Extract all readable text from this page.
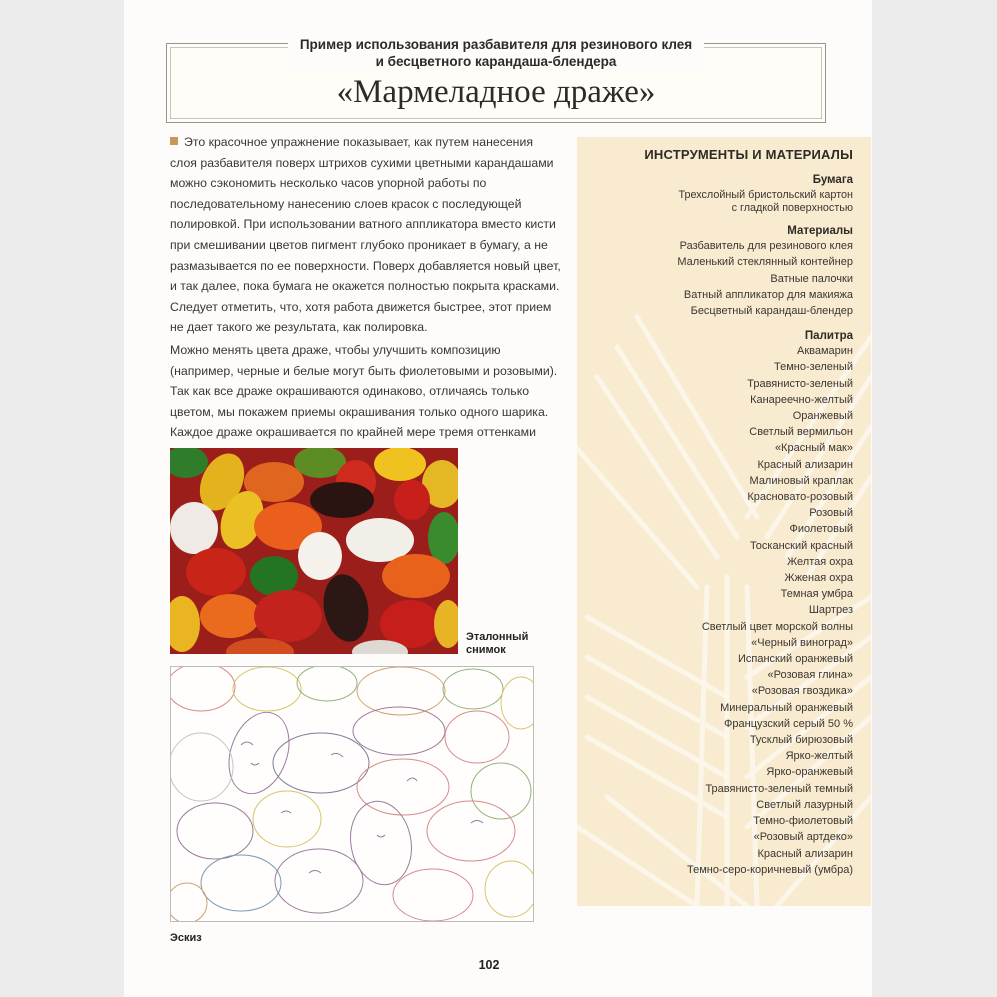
Пример использования разбавителя для резинового клея
и бесцветного карандаша-блендера
«Мармеладное драже»

Это красочное упражнение показывает, как путем нанесения слоя разбавителя поверх штрихов сухими цветными карандашами можно сэкономить несколько часов упорной работы по последовательному нанесению слоев красок с последующей полировкой. При использовании ватного аппликатора вместо кисти при смешивании цветов пигмент глубоко проникает в бумагу, а не размазывается по ее поверхности. Поверх добавляется новый цвет, и так далее, пока бумага не окажется полностью покрыта красками. Следует отметить, что, хотя работа движется быстрее, этот прием не дает такого же результата, как полировка.

Можно менять цвета драже, чтобы улучшить композицию (например, черные и белые могут быть фиолетовыми и розовыми). Так как все драже окрашиваются одинаково, отличаясь только цветом, мы покажем приемы окрашивания только одного шарика. Каждое драже окрашивается по крайней мере тремя оттенками

Эталонный
снимок
Эскиз
ИНСТРУМЕНТЫ И МАТЕРИАЛЫ
Бумага
Трехслойный бристольский картон
с гладкой поверхностью
Материалы
Разбавитель для резинового клея
Маленький стеклянный контейнер
Ватные палочки
Ватный аппликатор для макияжа
Бесцветный карандаш-блендер
Палитра
Аквамарин
Темно-зеленый
Травянисто-зеленый
Канареечно-желтый
Оранжевый
Светлый вермильон
«Красный мак»
Красный ализарин
Малиновый краплак
Красновато-розовый
Розовый
Фиолетовый
Тосканский красный
Желтая охра
Жженая охра
Темная умбра
Шартрез
Светлый цвет морской волны
«Черный виноград»
Испанский оранжевый
«Розовая глина»
«Розовая гвоздика»
Минеральный оранжевый
Французский серый 50 %
Тусклый бирюзовый
Ярко-желтый
Ярко-оранжевый
Травянисто-зеленый темный
Светлый лазурный
Темно-фиолетовый
«Розовый артдеко»
Красный ализарин
Темно-серо-коричневый (умбра)
102
